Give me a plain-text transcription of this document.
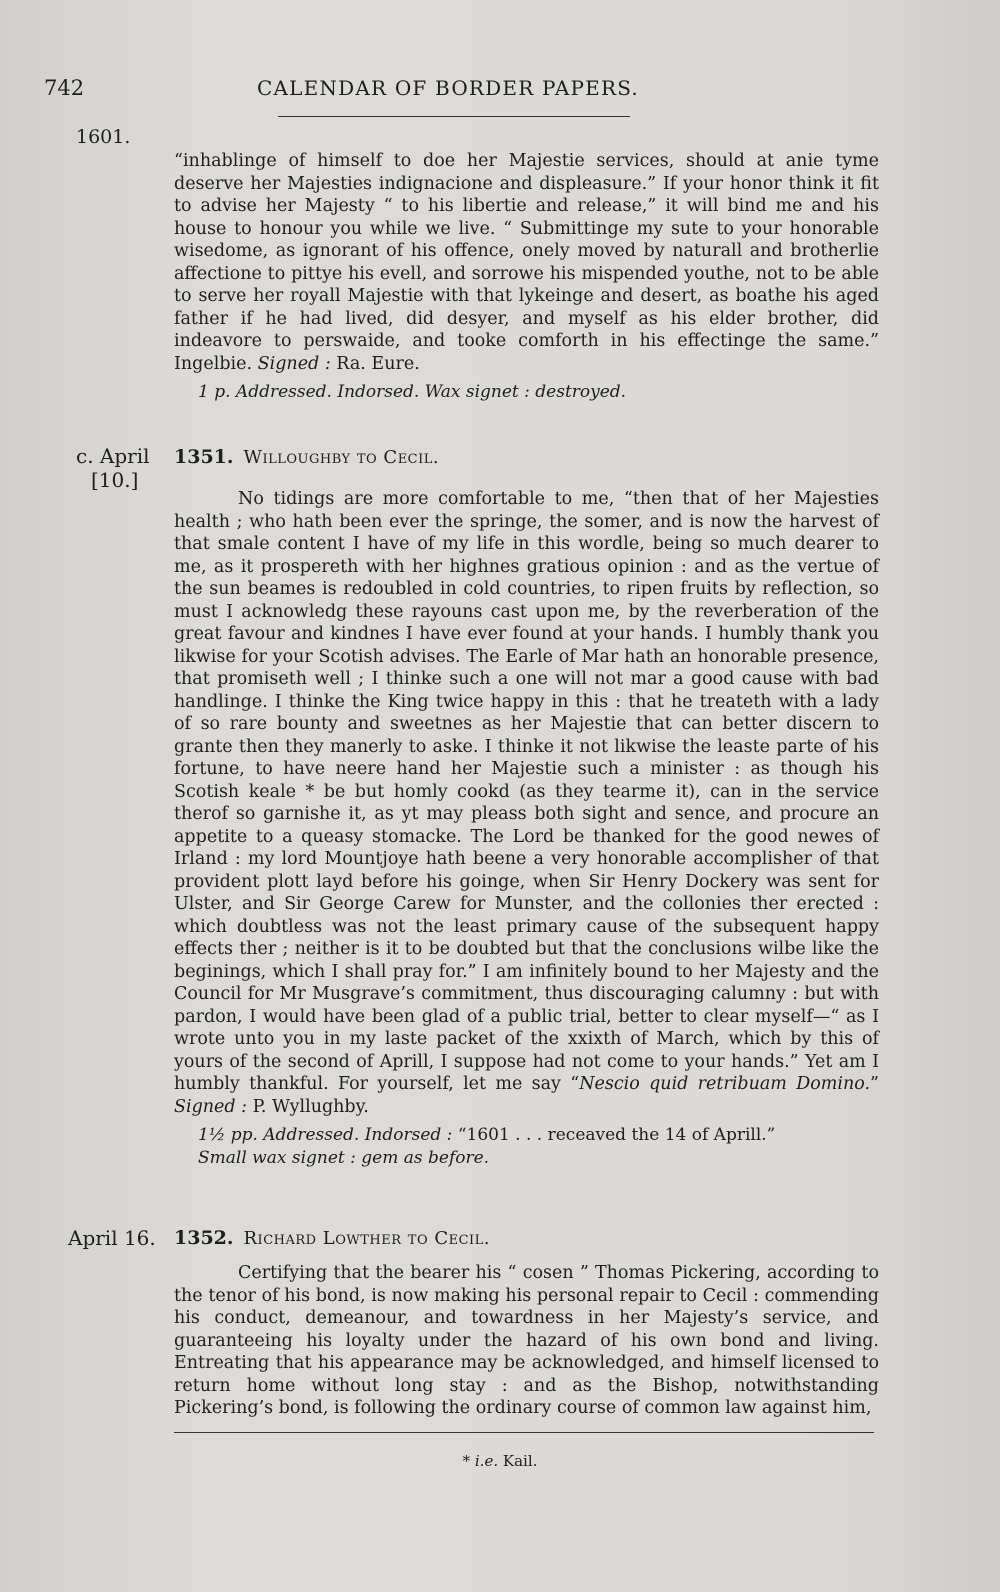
742	CALENDAR OF BORDER PAPERS.
1601.

“inhablinge of himself to doe her Majestie services, should at anie tyme deserve her Majesties indignacione and displeasure.” If your honor think it fit to advise her Majesty “ to his libertie and release,” it will bind me and his house to honour you while we live. “ Submittinge my sute to your honorable wisedome, as ignorant of his offence, onely moved by naturall and brotherlie affectione to pittye his evell, and sorrowe his mispended youthe, not to be able to serve her royall Majestie with that lykeinge and desert, as boathe his aged father if he had lived, did desyer, and myself as his elder brother, did indeavore to perswaide, and tooke comforth in his effectinge the same.” Ingelbie. Signed : Ra. Eure.

1 p. Addressed. Indorsed. Wax signet : destroyed.

c. April
[10.]
1351. Willoughby to Cecil.

No tidings are more comfortable to me, “then that of her Majesties health ; who hath been ever the springe, the somer, and is now the harvest of that smale content I have of my life in this wordle, being so much dearer to me, as it prospereth with her highnes gratious opinion : and as the vertue of the sun beames is redoubled in cold countries, to ripen fruits by reflection, so must I acknowledg these rayouns cast upon me, by the reverberation of the great favour and kindnes I have ever found at your hands. I humbly thank you likwise for your Scotish advises. The Earle of Mar hath an honorable presence, that promiseth well ; I thinke such a one will not mar a good cause with bad handlinge. I thinke the King twice happy in this : that he treateth with a lady of so rare bounty and sweetnes as her Majestie that can better discern to grante then they manerly to aske. I thinke it not likwise the leaste parte of his fortune, to have neere hand her Majestie such a minister : as though his Scotish keale * be but homly cookd (as they tearme it), can in the service therof so garnishe it, as yt may pleass both sight and sence, and procure an appetite to a queasy stomacke. The Lord be thanked for the good newes of Irland : my lord Mountjoye hath beene a very honorable accomplisher of that provident plott layd before his goinge, when Sir Henry Dockery was sent for Ulster, and Sir George Carew for Munster, and the collonies ther erected : which doubtless was not the least primary cause of the subsequent happy effects ther ; neither is it to be doubted but that the conclusions wilbe like the beginings, which I shall pray for.” I am infinitely bound to her Majesty and the Council for Mr Musgrave’s commitment, thus discouraging calumny : but with pardon, I would have been glad of a public trial, better to clear myself—“ as I wrote unto you in my laste packet of the xxixth of March, which by this of yours of the second of Aprill, I suppose had not come to your hands.” Yet am I humbly thankful. For yourself, let me say “Nescio quid retribuam Domino.” Signed : P. Wyllughby.

1½ pp. Addressed. Indorsed : “1601 . . . receaved the 14 of Aprill.”
Small wax signet : gem as before.

April 16. 1352. Richard Lowther to Cecil.

Certifying that the bearer his “ cosen ” Thomas Pickering, according to the tenor of his bond, is now making his personal repair to Cecil : commending his conduct, demeanour, and towardness in her Majesty’s service, and guaranteeing his loyalty under the hazard of his own bond and living. Entreating that his appearance may be acknowledged, and himself licensed to return home without long stay : and as the Bishop, notwithstanding Pickering’s bond, is following the ordinary course of common law against him,

* i.e. Kail.
